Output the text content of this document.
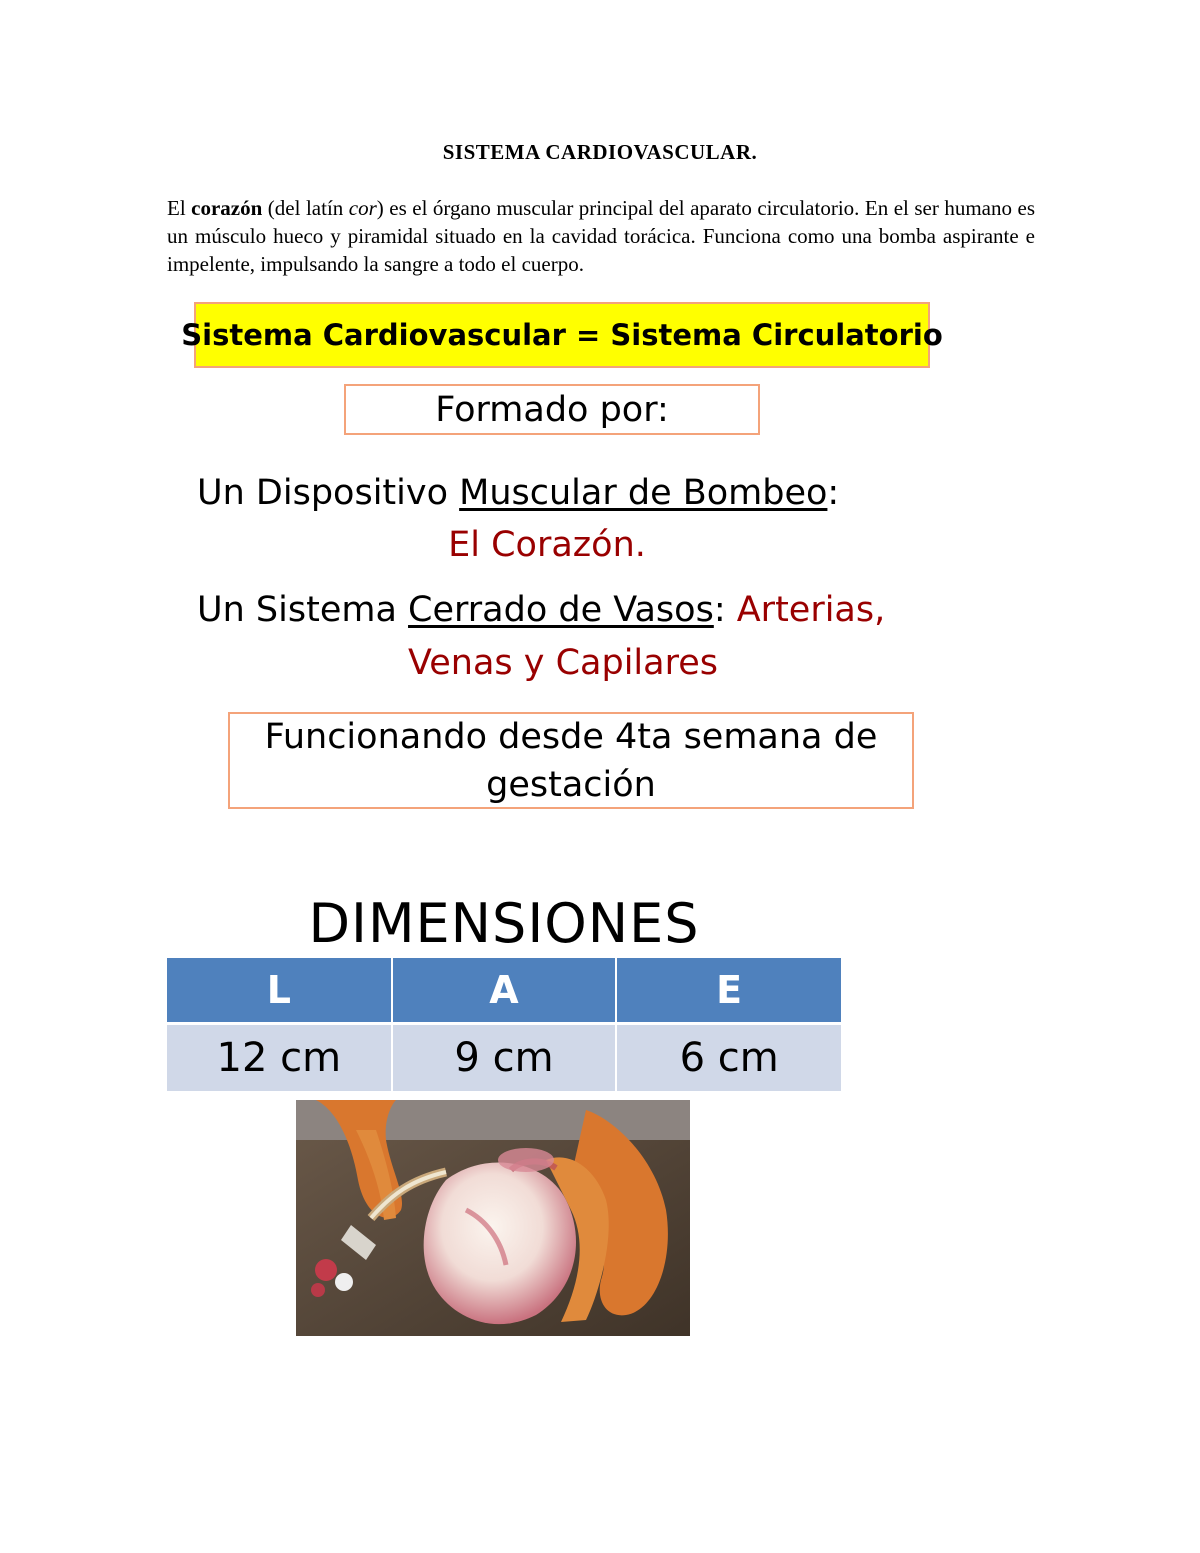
SISTEMA CARDIOVASCULAR.
El corazón (del latín cor) es el órgano muscular principal del aparato circulatorio. En el ser humano es un músculo hueco y piramidal situado en la cavidad torácica. Funciona como una bomba aspirante e impelente, impulsando la sangre a todo el cuerpo.
Sistema Cardiovascular = Sistema Circulatorio
Formado por:
Un Dispositivo Muscular de Bombeo:
El Corazón.
Un Sistema Cerrado de Vasos: Arterias,
Venas y Capilares
Funcionando desde 4ta semana de
gestación
DIMENSIONES
L	A	E
12 cm	9 cm	6 cm
